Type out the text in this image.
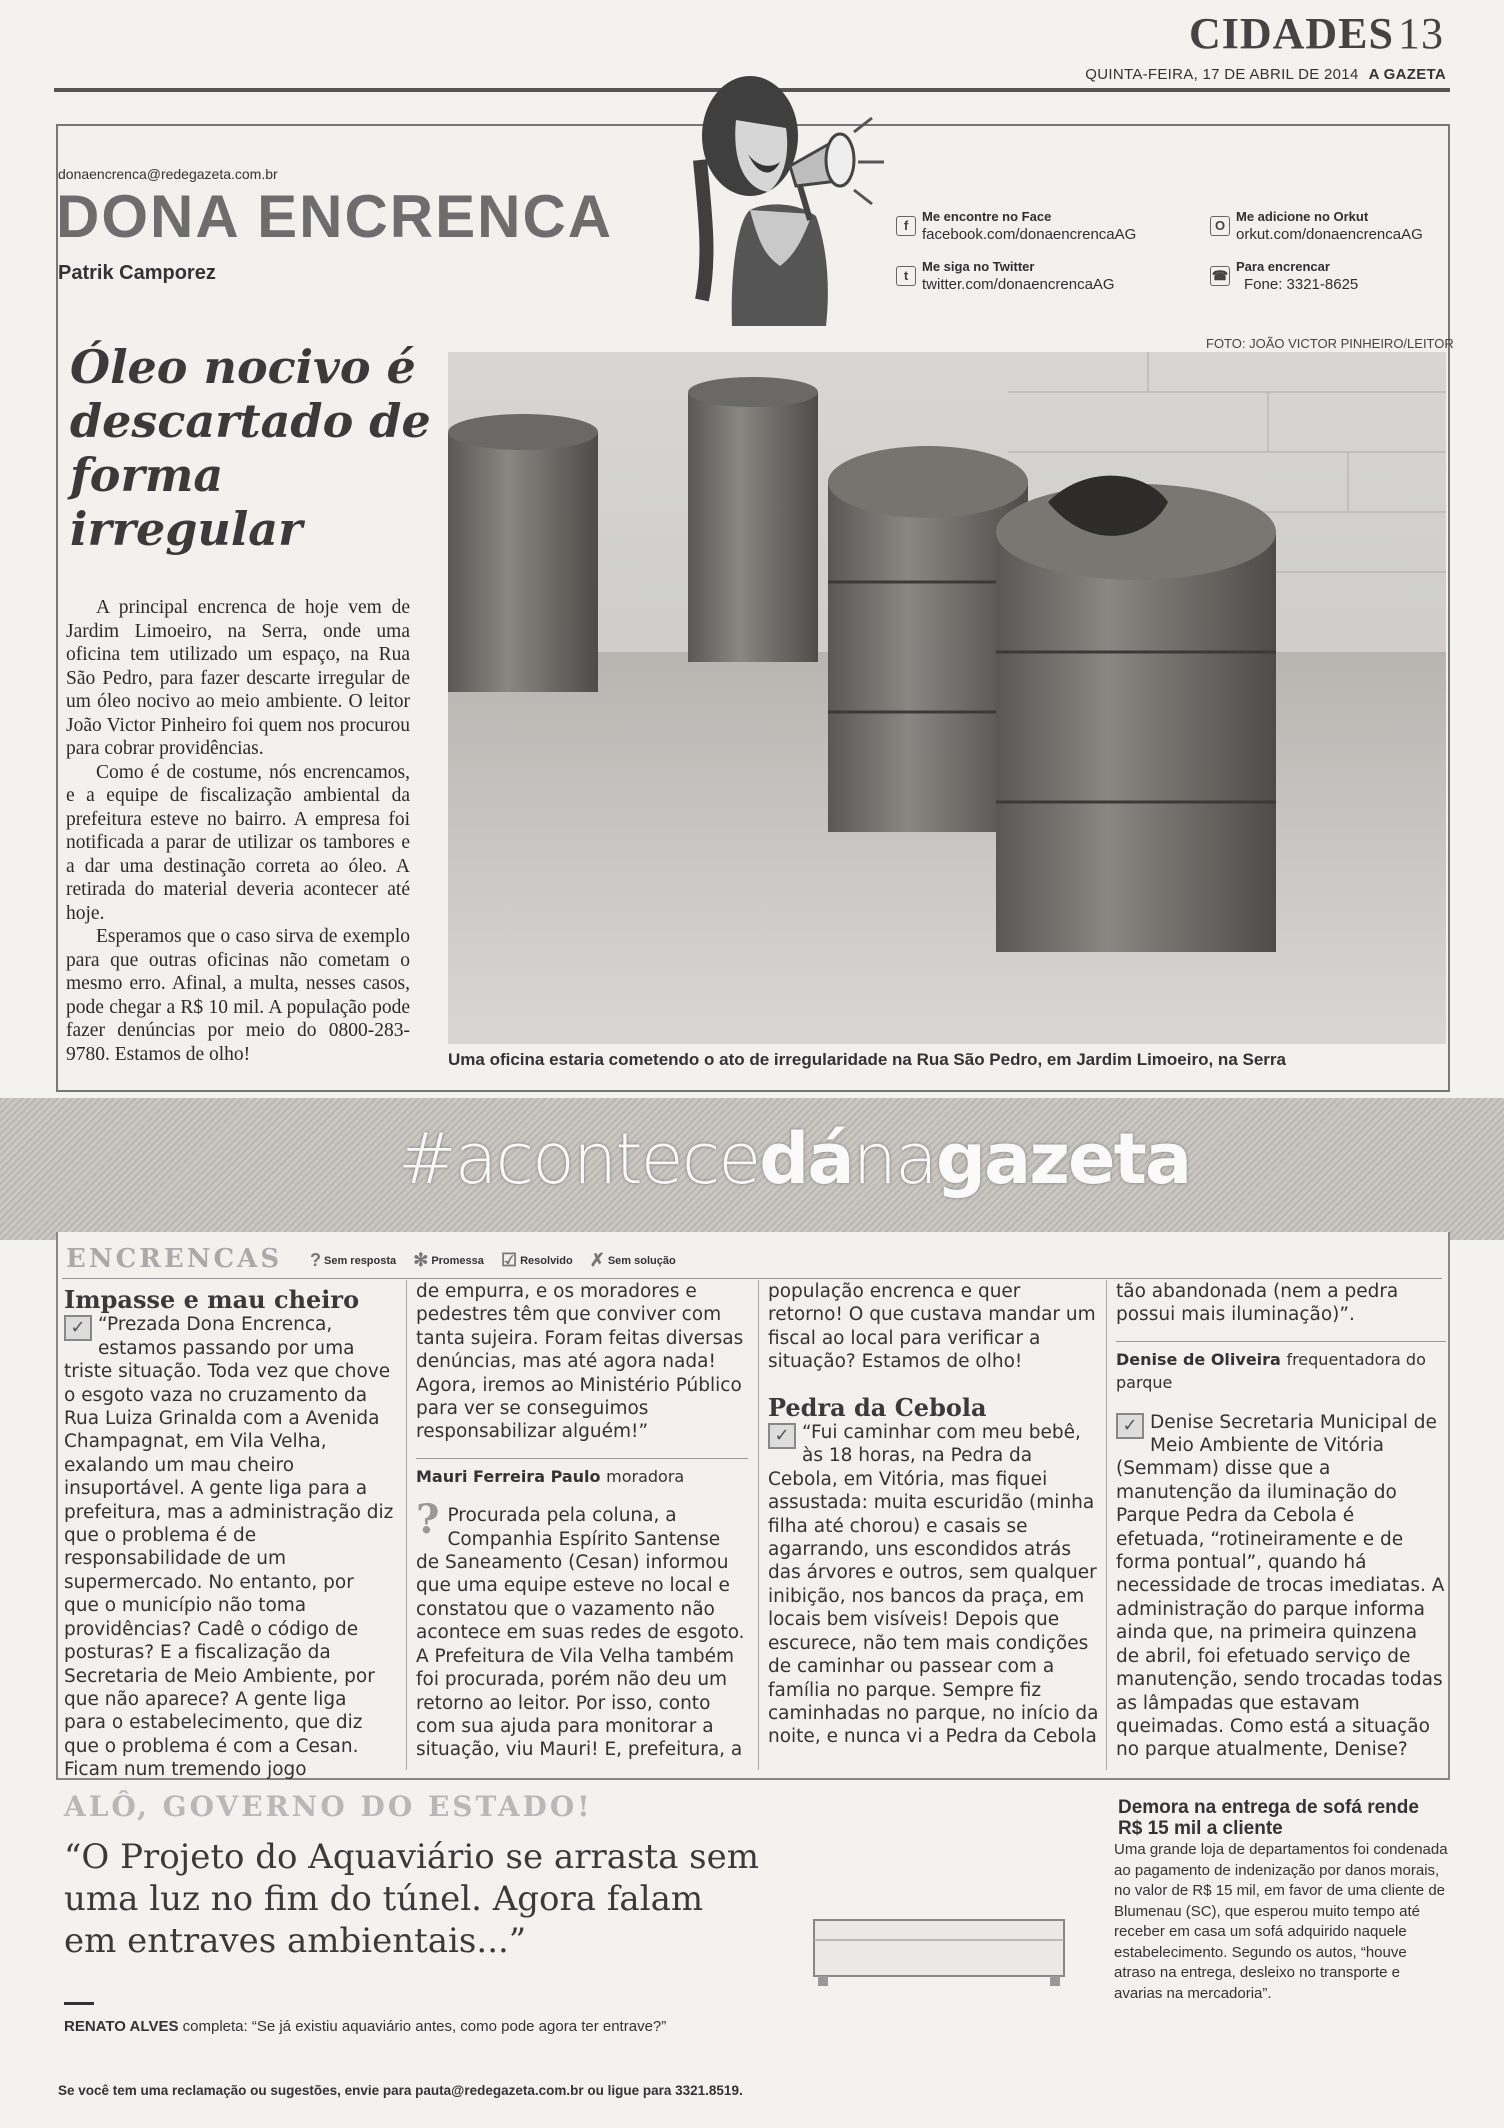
CIDADES13
QUINTA-FEIRA, 17 DE ABRIL DE 2014 A GAZETA
donaencrenca@redegazeta.com.br
DONA ENCRENCA
Patrik Camporez
f
Me encontre no Face
facebook.com/donaencrencaAG
t
Me siga no Twitter
twitter.com/donaencrencaAG
O
Me adicione no Orkut
orkut.com/donaencrencaAG
☎
Para encrencar
Fone: 3321-8625
Óleo nocivo é descartado de forma irregular

A principal encrenca de hoje vem de Jardim Limoeiro, na Serra, onde uma oficina tem utilizado um espaço, na Rua São Pedro, para fazer descarte irregular de um óleo nocivo ao meio ambiente. O leitor João Victor Pinheiro foi quem nos procurou para cobrar providências.

Como é de costume, nós encrencamos, e a equipe de fiscalização ambiental da prefeitura esteve no bairro. A empresa foi notificada a parar de utilizar os tambores e a dar uma destinação correta ao óleo. A retirada do material deveria acontecer até hoje.

Esperamos que o caso sirva de exemplo para que outras oficinas não cometam o mesmo erro. Afinal, a multa, nesses casos, pode chegar a R$ 10 mil. A população pode fazer denúncias por meio do 0800-283-9780. Estamos de olho!

FOTO: JOÃO VICTOR PINHEIRO/LEITOR
Uma oficina estaria cometendo o ato de irregularidade na Rua São Pedro, em Jardim Limoeiro, na Serra
#acontecedánagazeta
ENCRENCAS ? Sem resposta ✻ Promessa ☑ Resolvido ✗ Sem solução
Impasse e mau cheiro
✓ “Prezada Dona Encrenca, estamos passando por uma triste situação. Toda vez que chove o esgoto vaza no cruzamento da Rua Luiza Grinalda com a Avenida Champagnat, em Vila Velha, exalando um mau cheiro insuportável. A gente liga para a prefeitura, mas a administração diz que o problema é de responsabilidade de um supermercado. No entanto, por que o município não toma providências? Cadê o código de posturas? E a fiscalização da Secretaria de Meio Ambiente, por que não aparece? A gente liga para o estabelecimento, que diz que o problema é com a Cesan. Ficam num tremendo jogo
de empurra, e os moradores e pedestres têm que conviver com tanta sujeira. Foram feitas diversas denúncias, mas até agora nada! Agora, iremos ao Ministério Público para ver se conseguimos responsabilizar alguém!”
Mauri Ferreira Paulo moradora
? Procurada pela coluna, a Companhia Espírito Santense de Saneamento (Cesan) informou que uma equipe esteve no local e constatou que o vazamento não acontece em suas redes de esgoto. A Prefeitura de Vila Velha também foi procurada, porém não deu um retorno ao leitor. Por isso, conto com sua ajuda para monitorar a situação, viu Mauri! E, prefeitura, a
população encrenca e quer retorno! O que custava mandar um fiscal ao local para verificar a situação? Estamos de olho!
Pedra da Cebola
✓ “Fui caminhar com meu bebê, às 18 horas, na Pedra da Cebola, em Vitória, mas fiquei assustada: muita escuridão (minha filha até chorou) e casais se agarrando, uns escondidos atrás das árvores e outros, sem qualquer inibição, nos bancos da praça, em locais bem visíveis! Depois que escurece, não tem mais condições de caminhar ou passear com a família no parque. Sempre fiz caminhadas no parque, no início da noite, e nunca vi a Pedra da Cebola
tão abandonada (nem a pedra possui mais iluminação)”.
Denise de Oliveira frequentadora do parque
✓ Denise Secretaria Municipal de Meio Ambiente de Vitória (Semmam) disse que a manutenção da iluminação do Parque Pedra da Cebola é efetuada, “rotineiramente e de forma pontual”, quando há necessidade de trocas imediatas. A administração do parque informa ainda que, na primeira quinzena de abril, foi efetuado serviço de manutenção, sendo trocadas todas as lâmpadas que estavam queimadas. Como está a situação no parque atualmente, Denise?
ALÔ, GOVERNO DO ESTADO!
“O Projeto do Aquaviário se arrasta sem uma luz no fim do túnel. Agora falam em entraves ambientais...”
RENATO ALVES completa: “Se já existiu aquaviário antes, como pode agora ter entrave?”
Demora na entrega de sofá rende R$ 15 mil a cliente
Uma grande loja de departamentos foi condenada ao pagamento de indenização por danos morais, no valor de R$ 15 mil, em favor de uma cliente de Blumenau (SC), que esperou muito tempo até receber em casa um sofá adquirido naquele estabelecimento. Segundo os autos, “houve atraso na entrega, desleixo no transporte e avarias na mercadoria”.
Se você tem uma reclamação ou sugestões, envie para pauta@redegazeta.com.br ou ligue para 3321.8519.
